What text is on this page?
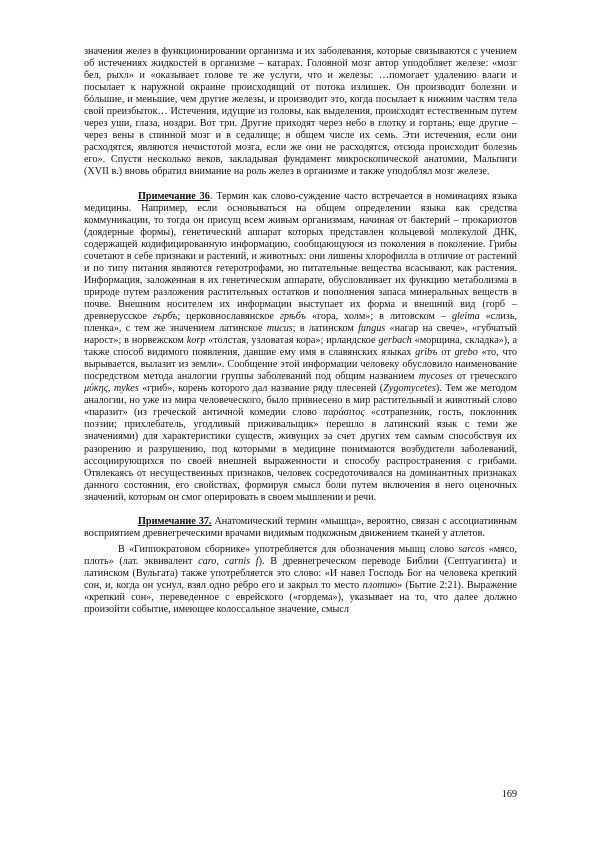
значения желез в функционировании организма и их заболевания, которые связываются с учением об истечениях жидкостей в организме – катарах. Головной мозг автор уподобляет железе: «мозг бел, рыхл» и «оказывает голове те же услуги, что и железы: …помогает удалению влаги и посылает к наружной окраине происходящий от потока излишек. Он производит болезни и бóльшие, и меньшие, чем другие железы, и производит это, когда посылает к нижним частям тела свой преизбыток… Истечения, идущие из головы, как выделения, происходят естественным путем через уши, глаза, ноздри. Вот три. Другие приходят через небо в глотку и гортань; еще другие – через вены в спинной мозг и в седалище; в общем числе их семь. Эти истечения, если они расходятся, являются нечистотой мозга, если же они не расходятся, отсюда происходит болезнь его». Спустя несколько веков, закладывая фундамент микроскопической анатомии, Мальпиги (XVII в.) вновь обратил внимание на роль желез в организме и также уподоблял мозг железе.

Примечание 36. Термин как слово-суждение часто встречается в номинациях языка медицины. Например, если основываться на общем определении языка как средства коммуникации, то тогда он присущ всем живым организмам, начиная от бактерий – прокариотов (доядерные формы), генетический аппарат которых представлен кольцевой молекулой ДНК, содержащей кодифицированную информацию, сообщающуюся из поколения в поколение. Грибы сочетают в себе признаки и растений, и животных: они лишены хлорофилла в отличие от растений и по типу питания являются гетеротрофами, но питательные вещества всасывают, как растения. Информация, заложенная в их генетическом аппарате, обусловливает их функцию метаболизма в природе путем разложения растительных остатков и пополнения запаса минеральных веществ в почве. Внешним носителем их информации выступает их форма и внешний вид (горб – древнерусское гърбъ; церковнославянское грѣбъ «гора, холм»; в литовском – gleima «слизь, пленка», с тем же значением латинское mucus; в латинском fungus «нагар на свече», «губчатый нарост»; в норвежском korp «толстая, узловатая кора»; ирландское gerbach «морщина, складка»), а также способ видимого появления, давшие ему имя в славянских языках gribъ от grebo «то, что вырывается, вылазит из земли». Сообщение этой информации человеку обусловило наименование посредством метода аналогии группы заболеваний под общим названием mycoses от греческого μύκης, mykes «гриб», корень которого дал название ряду плесеней (Zygomycetes). Тем же методом аналогии, но уже из мира человеческого, было привнесено в мир растительный и животный слово «паразит» (из греческой античной комедии слово παράσιτος «сотрапезник, гость, поклонник поэзии; прихлебатель, угодливый приживальщик» перешло в латинский язык с теми же значениями) для характеристики существ, живущих за счет других тем самым способствуя их разорению и разрушению, под которыми в медицине понимаются возбудители заболеваний, ассоциирующихся по своей внешней выраженности и способу распространения с грибами. Отвлекаясь от несущественных признаков, человек сосредоточивался на доминантных признаках данного состояния, его свойствах, формируя смысл боли путем включения в него оценочных значений, которым он смог оперировать в своем мышлении и речи.

Примечание 37. Анатомический термин «мышца», вероятно, связан с ассоциативным восприятием древнегреческими врачами видимым подкожным движением тканей у атлетов.

В «Гиппократовом сборнике» употребляется для обозначения мышц слово sarcos «мясо, плоть» (лат. эквивалент caro, carnis f). В древнегреческом переводе Библии (Септуагинта) и латинском (Вульгата) также употребляется это слово: «И навел Господь Бог на человека крепкий сон, и, когда он уснул, взял одно ребро его и закрыл то место плотию» (Бытие 2:21). Выражение «крепкий сон», переведенное с еврейского («гордема»), указывает на то, что далее должно произойти событие, имеющее колоссальное значение, смысл

169
